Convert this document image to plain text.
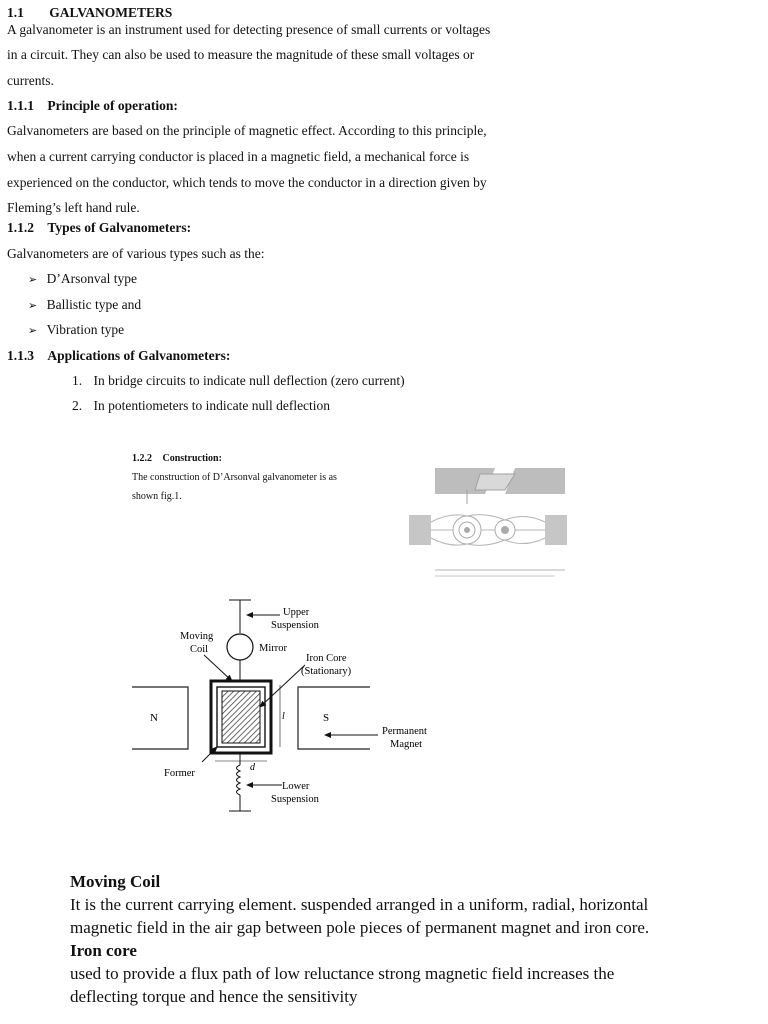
1.1 GALVANOMETERS
A galvanometer is an instrument used for detecting presence of small currents or voltages
in a circuit. They can also be used to measure the magnitude of these small voltages or
currents.
1.1.1 Principle of operation:
Galvanometers are based on the principle of magnetic effect. According to this principle,
when a current carrying conductor is placed in a magnetic field, a mechanical force is
experienced on the conductor, which tends to move the conductor in a direction given by
Fleming’s left hand rule.
1.1.2 Types of Galvanometers:
Galvanometers are of various types such as the:
➢ D’Arsonval type
➢ Ballistic type and
➢ Vibration type
1.1.3 Applications of Galvanometers:
1. In bridge circuits to indicate null deflection (zero current)
2. In potentiometers to indicate null deflection
1.2.2 Construction:
The construction of D’Arsonval galvanometer is as
shown fig.1.
Upper
Suspension
Moving
Coil	Mirror
Iron Core
(Stationary)
N	S
l
d
Permanent
Magnet
Former
Lower
Suspension
Moving Coil
It is the current carrying element. suspended arranged in a uniform, radial, horizontal
magnetic field in the air gap between pole pieces of permanent magnet and iron core.
Iron core
used to provide a flux path of low reluctance strong magnetic field increases the
deflecting torque and hence the sensitivity
